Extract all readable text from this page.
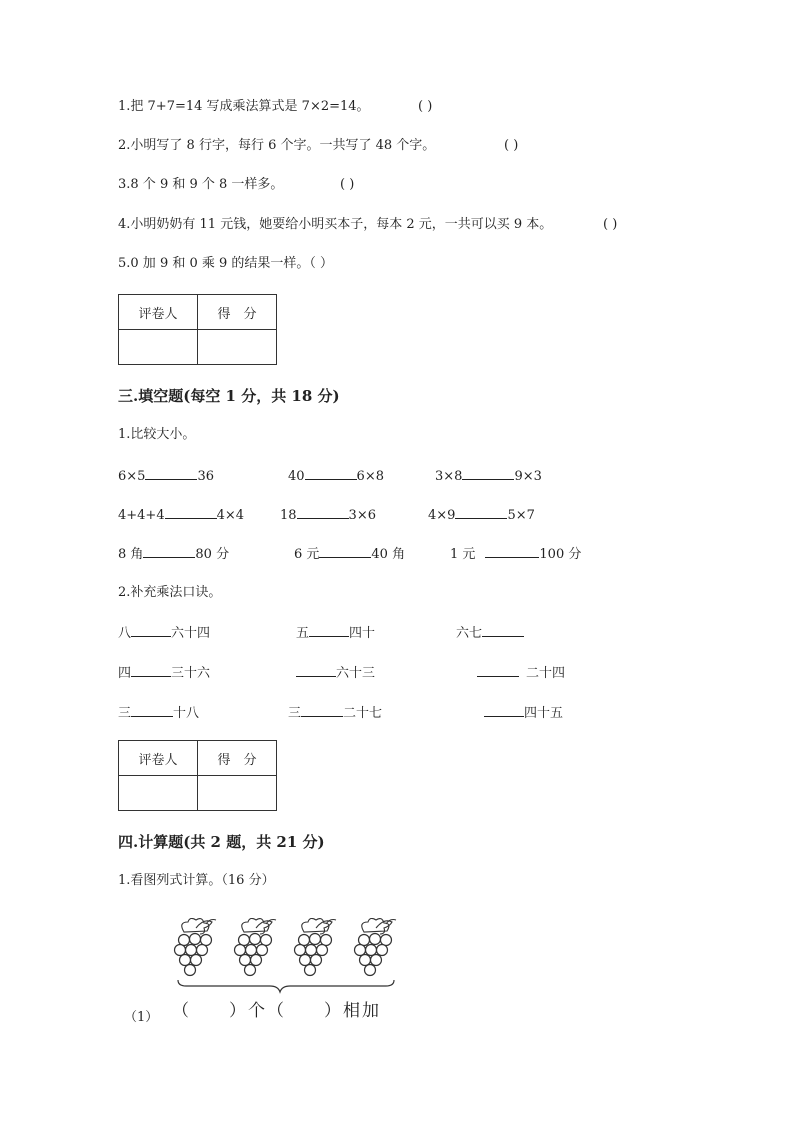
1.把 7+7=14 写成乘法算式是 7×2=14。	( )
2.小明写了 8 行字，每行 6 个字。一共写了 48 个字。	( )
3.8 个 9 和 9 个 8 一样多。	( )
4.小明奶奶有 11 元钱，她要给小明买本子，每本 2 元，一共可以买 9 本。	( )
5.0 加 9 和 0 乘 9 的结果一样。（ ）
评卷人	得　分

三.填空题(每空 1 分，共 18 分)
1.比较大小。
6×5	36	40	6×8	3×8	9×3
4+4+4	4×4	18	3×6	4×9	5×7
8 角	80 分	6 元	40 角	1 元	100 分
2.补充乘法口诀。
八	六十四	五	四十	六七
四	三十六	六十三	二十四
三	十八	三	二十七	四十五
评卷人	得　分

四.计算题(共 2 题，共 21 分)
1.看图列式计算。（16 分）
（1） （　　）个（　　）相加
